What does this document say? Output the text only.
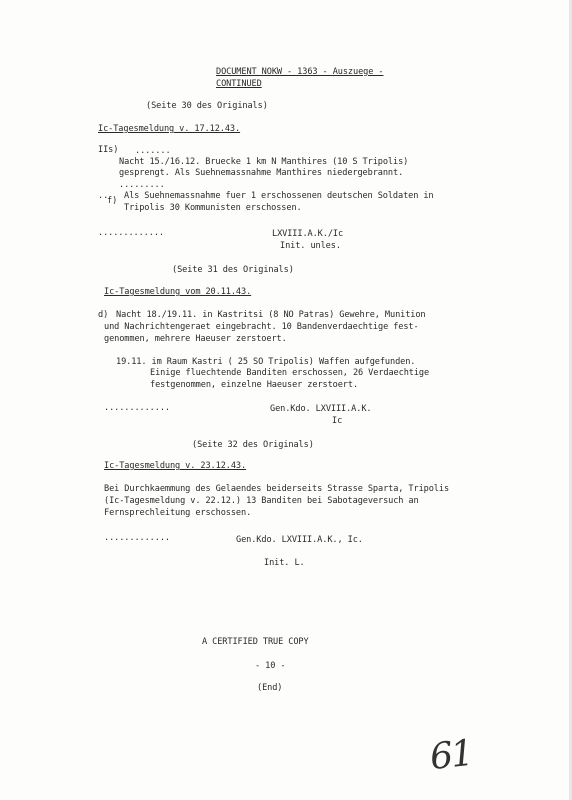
DOCUMENT NOKW - 1363 - Auszuege -
CONTINUED
(Seite 30 des Originals)
Ic-Tagesmeldung v. 17.12.43.
IIs) .......
Nacht 15./16.12. Bruecke 1 km N Manthires (10 S Tripolis)
gesprengt. Als Suehnemassnahme Manthires niedergebrannt.
.........
..
f) Als Suehnemassnahme fuer 1 erschossenen deutschen Soldaten in
Tripolis 30 Kommunisten erschossen.
.............	LXVIII.A.K./Ic
Init. unles.
(Seite 31 des Originals)
Ic-Tagesmeldung vom 20.11.43.
d) Nacht 18./19.11. in Kastritsi (8 NO Patras) Gewehre, Munition
und Nachrichtengeraet eingebracht. 10 Bandenverdaechtige fest-
genommen, mehrere Haeuser zerstoert.
19.11. im Raum Kastri ( 25 SO Tripolis) Waffen aufgefunden.
Einige fluechtende Banditen erschossen, 26 Verdaechtige
festgenommen, einzelne Haeuser zerstoert.
.............	Gen.Kdo. LXVIII.A.K.
Ic
(Seite 32 des Originals)
Ic-Tagesmeldung v. 23.12.43.
Bei Durchkaemmung des Gelaendes beiderseits Strasse Sparta, Tripolis
(Ic-Tagesmeldung v. 22.12.) 13 Banditen bei Sabotageversuch an
Fernsprechleitung erschossen.
.............	Gen.Kdo. LXVIII.A.K., Ic.
Init. L.
A CERTIFIED TRUE COPY
- 10 -
(End)
61
